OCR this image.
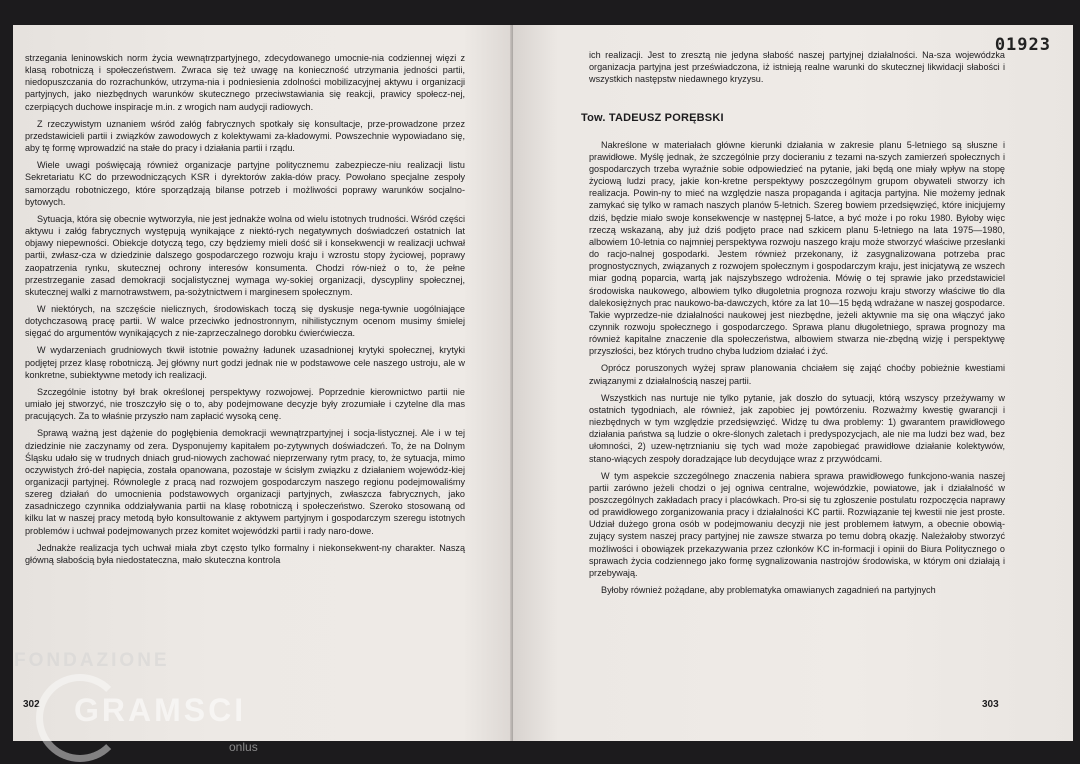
strzegania leninowskich norm życia wewnątrzpartyjnego, zdecydowanego umocnie-nia codziennej więzi z klasą robotniczą i społeczeństwem. Zwraca się też uwagę na konieczność utrzymania jedności partii, niedopuszczania do rozrachunków, utrzyma-nia i podniesienia zdolności mobilizacyjnej aktywu i organizacji partyjnych, jako niezbędnych warunków skutecznego przeciwstawiania się reakcji, prawicy społecz-nej, czerpiących duchowe inspiracje m.in. z wrogich nam audycji radiowych.

Z rzeczywistym uznaniem wśród załóg fabrycznych spotkały się konsultacje, prze-prowadzone przez przedstawicieli partii i związków zawodowych z kolektywami za-kładowymi. Powszechnie wypowiadano się, aby tę formę wprowadzić na stałe do pracy i działania partii i rządu.

Wiele uwagi poświęcają również organizacje partyjne politycznemu zabezpiecze-niu realizacji listu Sekretariatu KC do przewodniczących KSR i dyrektorów zakła-dów pracy. Powołano specjalne zespoły samorządu robotniczego, które sporządzają bilanse potrzeb i możliwości poprawy warunków socjalno-bytowych.

Sytuacja, która się obecnie wytworzyła, nie jest jednakże wolna od wielu istotnych trudności. Wśród części aktywu i załóg fabrycznych występują wynikające z niektó-rych negatywnych doświadczeń ostatnich lat objawy niepewności. Obiekcje dotyczą tego, czy będziemy mieli dość sił i konsekwencji w realizacji uchwał partii, zwłasz-cza w dziedzinie dalszego gospodarczego rozwoju kraju i wzrostu stopy życiowej, poprawy zaopatrzenia rynku, skutecznej ochrony interesów konsumenta. Chodzi rów-nież o to, że pełne przestrzeganie zasad demokracji socjalistycznej wymaga wy-sokiej organizacji, dyscypliny społecznej, skutecznej walki z marnotrawstwem, pa-sożytnictwem i marginesem społecznym.

W niektórych, na szczęście nielicznych, środowiskach toczą się dyskusje nega-tywnie uogólniające dotychczasową pracę partii. W walce przeciwko jednostronnym, nihilistycznym ocenom musimy śmielej sięgać do argumentów wynikających z nie-zaprzeczalnego dorobku ćwierćwiecza.

W wydarzeniach grudniowych tkwił istotnie poważny ładunek uzasadnionej krytyki społecznej, krytyki podjętej przez klasę robotniczą. Jej główny nurt godzi jednak nie w podstawowe cele naszego ustroju, ale w konkretne, subiektywne metody ich realizacji.

Szczególnie istotny był brak określonej perspektywy rozwojowej. Poprzednie kierownictwo partii nie umiało jej stworzyć, nie troszczyło się o to, aby podejmowane decyzje były zrozumiałe i czytelne dla mas pracujących. Za to właśnie przyszło nam zapłacić wysoką cenę.

Sprawą ważną jest dążenie do pogłębienia demokracji wewnątrzpartyjnej i socja-listycznej. Ale i w tej dziedzinie nie zaczynamy od zera. Dysponujemy kapitałem po-zytywnych doświadczeń. To, że na Dolnym Śląsku udało się w trudnych dniach grud-niowych zachować nieprzerwany rytm pracy, to, że sytuacja, mimo oczywistych źró-deł napięcia, została opanowana, pozostaje w ścisłym związku z działaniem wojewódz-kiej organizacji partyjnej. Równolegle z pracą nad rozwojem gospodarczym naszego regionu podejmowaliśmy szereg działań do umocnienia podstawowych organizacji partyjnych, zwłaszcza fabrycznych, jako zasadniczego czynnika oddziaływania partii na klasę robotniczą i społeczeństwo. Szeroko stosowaną od kilku lat w naszej pracy metodą było konsultowanie z aktywem partyjnym i gospodarczym szeregu istotnych problemów i uchwał podejmowanych przez komitet wojewódzki partii i rady naro-dowe.

Jednakże realizacja tych uchwał miała zbyt często tylko formalny i niekonsekwent-ny charakter. Naszą główną słabością była niedostateczna, mało skuteczna kontrola

302
01923

ich realizacji. Jest to zresztą nie jedyna słabość naszej partyjnej działalności. Na-sza wojewódzka organizacja partyjna jest przeświadczona, iż istnieją realne warunki do skutecznej likwidacji słabości i wszystkich następstw niedawnego kryzysu.

Tow. TADEUSZ PORĘBSKI

Nakreślone w materiałach główne kierunki działania w zakresie planu 5-letniego są słuszne i prawidłowe. Myślę jednak, że szczególnie przy docieraniu z tezami na-szych zamierzeń społecznych i gospodarczych trzeba wyraźnie sobie odpowiedzieć na pytanie, jaki będą one miały wpływ na stopę życiową ludzi pracy, jakie kon-kretne perspektywy poszczególnym grupom obywateli stworzy ich realizacja. Powin-ny to mieć na względzie nasza propaganda i agitacja partyjna. Nie możemy jednak zamykać się tylko w ramach naszych planów 5-letnich. Szereg bowiem przedsięwzięć, które inicjujemy dziś, będzie miało swoje konsekwencje w następnej 5-latce, a być może i po roku 1980. Byłoby więc rzeczą wskazaną, aby już dziś podjęto prace nad szkicem planu 5-letniego na lata 1975—1980, albowiem 10-letnia co najmniej perspektywa rozwoju naszego kraju może stworzyć właściwe przesłanki do racjo-nalnej gospodarki. Jestem również przekonany, iż zasygnalizowana potrzeba prac prognostycznych, związanych z rozwojem społecznym i gospodarczym kraju, jest inicjatywą ze wszech miar godną poparcia, wartą jak najszybszego wdrożenia. Mówię o tej sprawie jako przedstawiciel środowiska naukowego, albowiem tylko długoletnia prognoza rozwoju kraju stworzy właściwe tło dla dalekosiężnych prac naukowo-ba-dawczych, które za lat 10—15 będą wdrażane w naszej gospodarce. Takie wyprzedze-nie działalności naukowej jest niezbędne, jeżeli aktywnie ma się ona włączyć jako czynnik rozwoju społecznego i gospodarczego. Sprawa planu długoletniego, sprawa prognozy ma również kapitalne znaczenie dla społeczeństwa, albowiem stwarza nie-zbędną wizję i perspektywę przyszłości, bez których trudno chyba ludziom działać i żyć.

Oprócz poruszonych wyżej spraw planowania chciałem się zająć choćby pobieżnie kwestiami związanymi z działalnością naszej partii.

Wszystkich nas nurtuje nie tylko pytanie, jak doszło do sytuacji, którą wszyscy przeżywamy w ostatnich tygodniach, ale również, jak zapobiec jej powtórzeniu. Rozważmy kwestię gwarancji i niezbędnych w tym względzie przedsięwzięć. Widzę tu dwa problemy: 1) gwarantem prawidłowego działania państwa są ludzie o okre-ślonych zaletach i predyspozycjach, ale nie ma ludzi bez wad, bez ułomności, 2) uzew-nętrznianiu się tych wad może zapobiegać prawidłowe działanie kolektywów, stano-wiących zespoły doradzające lub decydujące wraz z przywódcami.

W tym aspekcie szczególnego znaczenia nabiera sprawa prawidłowego funkcjono-wania naszej partii zarówno jeżeli chodzi o jej ogniwa centralne, wojewódzkie, powiatowe, jak i działalność w poszczególnych zakładach pracy i placówkach. Pro-si się tu zgłoszenie postulatu rozpoczęcia naprawy od prawidłowego zorganizowania pracy i działalności KC partii. Rozwiązanie tej kwestii nie jest proste. Udział dużego grona osób w podejmowaniu decyzji nie jest problemem łatwym, a obecnie obowią-zujący system naszej pracy partyjnej nie zawsze stwarza po temu dobrą okazję. Należałoby stworzyć możliwości i obowiązek przekazywania przez członków KC in-formacji i opinii do Biura Politycznego o sprawach życia codziennego jako formę sygnalizowania nastrojów środowiska, w którym oni działają i przebywają.

Byłoby również pożądane, aby problematyka omawianych zagadnień na partyjnych

303
FONDAZIONE
GRAMSCI
onlus
